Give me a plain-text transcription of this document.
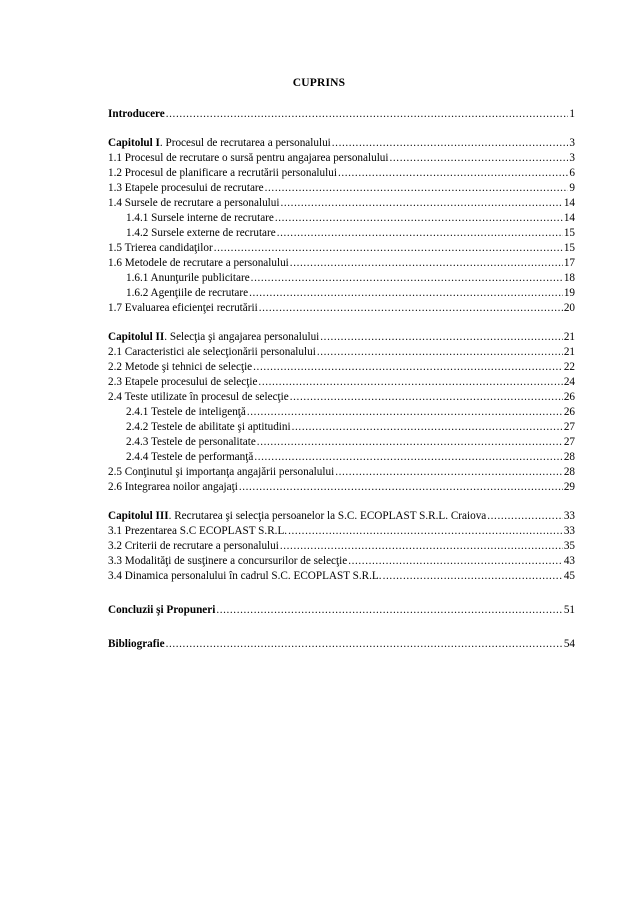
CUPRINS
Introducere .....	1
Capitolul I. Procesul de recrutarea a personalului .....	3
1.1 Procesul de recrutare o sursă pentru angajarea personalului .....	3
1.2 Procesul de planificare a recrutării personalului .....	6
1.3 Etapele procesului de recrutare .....	9
1.4 Sursele de recrutare a personalului .....	14
1.4.1 Sursele interne de recrutare .....	14
1.4.2 Sursele externe de recrutare .....	15
1.5 Trierea candidaţilor .....	15
1.6 Metodele de recrutare a personalului .....	17
1.6.1 Anunţurile publicitare .....	18
1.6.2 Agenţiile de recrutare .....	19
1.7 Evaluarea eficienţei recrutării .....	20
Capitolul II. Selecţia şi angajarea personalului .....	21
2.1 Caracteristici ale selecţionării personalului .....	21
2.2 Metode şi tehnici de selecţie .....	22
2.3 Etapele procesului de selecţie .....	24
2.4 Teste utilizate în procesul de selecţie .....	26
2.4.1 Testele de inteligenţă .....	26
2.4.2 Testele de abilitate şi aptitudini .....	27
2.4.3 Testele de personalitate .....	27
2.4.4 Testele de performanţă .....	28
2.5 Conţinutul şi importanţa angajării personalului .....	28
2.6 Integrarea noilor angajaţi .....	29
Capitolul III. Recrutarea şi selecţia persoanelor la S.C. ECOPLAST S.R.L. Craiova .....	33
3.1 Prezentarea S.C ECOPLAST S.R.L. .....	33
3.2 Criterii de recrutare a personalului .....	35
3.3 Modalităţi de susţinere a concursurilor de selecţie .....	43
3.4 Dinamica personalului în cadrul S.C. ECOPLAST S.R.L. .....	45
Concluzii şi Propuneri .....	51
Bibliografie .....	54
